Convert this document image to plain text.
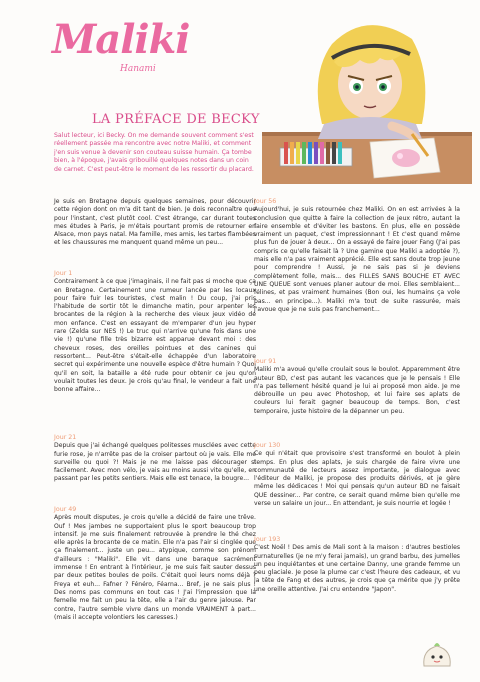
Maliki
Hanami
LA PRÉFACE DE BECKY
Salut lecteur, ici Becky. On me demande souvent comment s'est réellement passée ma rencontre avec notre Maliki, et comment j'en suis venue à devenir son couteau suisse humain. Ça tombe bien, à l'époque, j'avais gribouillé quelques notes dans un coin de carnet. C'est peut-être le moment de les ressortir du placard.

Je suis en Bretagne depuis quelques semaines, pour découvrir cette région dont on m'a dit tant de bien. Je dois reconnaître que pour l'instant, c'est plutôt cool. C'est étrange, car durant toutes mes études à Paris, je m'étais pourtant promis de retourner en Alsace, mon pays natal. Ma famille, mes amis, les tartes flambées et les chaussures me manquent quand même un peu...

Jour 1

Contrairement à ce que j'imaginais, il ne fait pas si moche que ça en Bretagne. Certainement une rumeur lancée par les locaux pour faire fuir les touristes, c'est malin ! Du coup, j'ai pris l'habitude de sortir tôt le dimanche matin, pour arpenter les brocantes de la région à la recherche des vieux jeux vidéo de mon enfance. C'est en essayant de m'emparer d'un jeu hyper rare (Zelda sur NES !) Le truc qui n'arrive qu'une fois dans une vie !) qu'une fille très bizarre est apparue devant moi : des cheveux roses, des oreilles pointues et des canines qui ressortent... Peut-être s'était-elle échappée d'un laboratoire secret qui expérimente une nouvelle espèce d'être humain ? Quoi qu'il en soit, la bataille a été rude pour obtenir ce jeu qu'on voulait toutes les deux. Je crois qu'au final, le vendeur a fait une bonne affaire...

Jour 21

Depuis que j'ai échangé quelques politesses musclées avec cette furie rose, je n'arrête pas de la croiser partout où je vais. Elle me surveille ou quoi ?! Mais je ne me laisse pas décourager si facilement. Avec mon vélo, je vais au moins aussi vite qu'elle, en passant par les petits sentiers. Mais elle est tenace, la bougre...

Jour 49

Après moult disputes, je crois qu'elle a décidé de faire une trêve. Ouf ! Mes jambes ne supportaient plus le sport beaucoup trop intensif. Je me suis finalement retrouvée à prendre le thé chez elle après la brocante de ce matin. Elle n'a pas l'air si cinglée que ça finalement... juste un peu... atypique, comme son prénom d'ailleurs : "Maliki". Elle vit dans une baraque sacrément immense ! En entrant à l'intérieur, je me suis fait sauter dessus par deux petites boules de poils. C'était quoi leurs noms déjà ? Freya et euh... Fafner ? Fénéro, Féarna... Bref, je ne sais plus ! Des noms pas communs en tout cas ! J'ai l'impression que la femelle me fait un peu la tête, elle a l'air du genre jalouse. Par contre, l'autre semble vivre dans un monde VRAIMENT à part... (mais il accepte volontiers les caresses.)

Jour 56

Aujourd'hui, je suis retournée chez Maliki. On en est arrivées à la conclusion que quitte à faire la collection de jeux rétro, autant la faire ensemble et d'éviter les bastons. En plus, elle en possède vraiment un paquet, c'est impressionnant ! Et c'est quand même plus fun de jouer à deux... On a essayé de faire jouer Fang (J'ai pas compris ce qu'elle faisait là ? Une gamine que Maliki a adoptée ?), mais elle n'a pas vraiment apprécié. Elle est sans doute trop jeune pour comprendre ! Aussi, je ne sais pas si je deviens complètement folle, mais... des FILLES SANS BOUCHE ET AVEC UNE QUEUE sont venues planer autour de moi. Elles semblaient... félines, et pas vraiment humaines (Bon oui, les humains ça vole pas... en principe...). Maliki m'a tout de suite rassurée, mais j'avoue que je ne suis pas franchement...

Jour 91

Maliki m'a avoué qu'elle croulait sous le boulot. Apparemment être auteur BD, c'est pas autant les vacances que je le pensais ! Elle n'a pas tellement hésité quand je lui ai proposé mon aide. Je me débrouille un peu avec Photoshop, et lui faire ses aplats de couleurs lui ferait gagner beaucoup de temps. Bon, c'est temporaire, juste histoire de la dépanner un peu.

Jour 130

Ce qui n'était que provisoire s'est transformé en boulot à plein temps. En plus des aplats, je suis chargée de faire vivre une communauté de lecteurs assez importante, je dialogue avec l'éditeur de Maliki, je propose des produits dérivés, et je gère même les dédicaces ! Moi qui pensais qu'un auteur BD ne faisait QUE dessiner... Par contre, ce serait quand même bien qu'elle me verse un salaire un jour... En attendant, je suis nourrie et logée !

Jour 193

C'est Noël ! Des amis de Mali sont à la maison : d'autres bestioles surnaturelles (je ne m'y ferai jamais), un grand barbu, des jumelles un peu inquiétantes et une certaine Danny, une grande femme un peu glaciale. Je pose la plume car c'est l'heure des cadeaux, et vu la tête de Fang et des autres, je crois que ça mérite que j'y prête une oreille attentive. J'ai cru entendre "Japon".
